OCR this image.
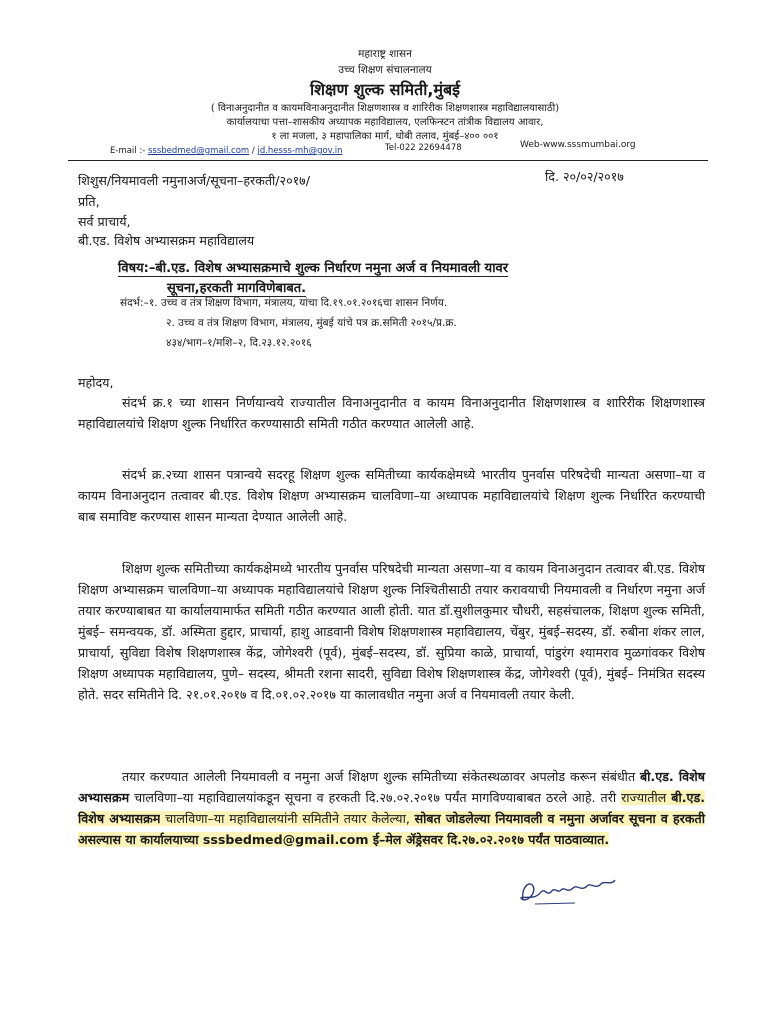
महाराष्ट्र शासन
उच्च शिक्षण संचालनालय
शिक्षण शुल्क समिती,मुंबई
( विनाअनुदानीत व कायमविनाअनुदानीत शिक्षणशास्त्र व शारिरीक शिक्षणशास्त्र महाविद्यालयासाठी)
कार्यालयाचा पत्ता–शासकीय अध्यापक महाविद्यालय, एलफिन्स्टन तांत्रीक विद्यालय आवार,
१ ला मजला, ३ महापालिका मार्ग, धोबी तलाव, मुंबई–४०० ००१
E-mail :- sssbedmed@gmail.com / jd.hesss-mh@gov.in	Tel-022 22694478	Web-www.sssmumbai.org
शिशुस/नियमावली नमुनाअर्ज/सूचना–हरकती/२०१७/	दि. २०/०२/२०१७
प्रति,
सर्व प्राचार्य,
बी.एड. विशेष अभ्यासक्रम महाविद्यालय
विषय:–बी.एड. विशेष अभ्यासक्रमाचे शुल्क निर्धारण नमुना अर्ज व नियमावली यावर
सूचना,हरकती मागविणेबाबत.
संदर्भ:–१. उच्च व तंत्र शिक्षण विभाग, मंत्रालय, यांचा दि.१९.०१.२०१६चा शासन निर्णय.
२. उच्च व तंत्र शिक्षण विभाग, मंत्रालय, मुंबई यांचे पत्र क्र.समिती २०१५/प्र.क्र.
४३४/भाग–१/मशि–२, दि.२३.१२.२०१६
महोदय,

संदर्भ क्र.१ च्या शासन निर्णयान्वये राज्यातील विनाअनुदानीत व कायम विनाअनुदानीत शिक्षणशास्त्र व शारिरीक शिक्षणशास्त्र महाविद्यालयांचे शिक्षण शुल्क निर्धारित करण्यासाठी समिती गठीत करण्यात आलेली आहे.

संदर्भ क्र.२च्या शासन पत्रान्वये सदरहू शिक्षण शुल्क समितीच्या कार्यकक्षेमध्ये भारतीय पुनर्वास परिषदेची मान्यता असणा–या व कायम विनाअनुदान तत्वावर बी.एड. विशेष शिक्षण अभ्यासक्रम चालविणा–या अध्यापक महाविद्यालयांचे शिक्षण शुल्क निर्धारित करण्याची बाब समाविष्ट करण्यास शासन मान्यता देण्यात आलेली आहे.

शिक्षण शुल्क समितीच्या कार्यकक्षेमध्ये भारतीय पुनर्वास परिषदेची मान्यता असणा–या व कायम विनाअनुदान तत्वावर बी.एड. विशेष शिक्षण अभ्यासक्रम चालविणा–या अध्यापक महाविद्यालयांचे शिक्षण शुल्क निश्चितीसाठी तयार करावयाची नियमावली व निर्धारण नमुना अर्ज तयार करण्याबाबत या कार्यालयामार्फत समिती गठीत करण्यात आली होती. यात डॉ.सुशीलकुमार चौधरी, सहसंचालक, शिक्षण शुल्क समिती, मुंबई– समन्वयक, डॉ. अस्मिता हुद्दार, प्राचार्या, हाशु आडवानी विशेष शिक्षणशास्त्र महाविद्यालय, चेंबुर, मुंबई–सदस्य, डॉ. रुबीना शंकर लाल, प्राचार्या, सुविद्या विशेष शिक्षणशास्त्र केंद्र, जोगेश्वरी (पूर्व), मुंबई–सदस्य, डॉ. सुप्रिया काळे, प्राचार्या, पांडुरंग श्यामराव मुळगांवकर विशेष शिक्षण अध्यापक महाविद्यालय, पुणे– सदस्य, श्रीमती रशना सादरी, सुविद्या विशेष शिक्षणशास्त्र केंद्र, जोगेश्वरी (पूर्व), मुंबई– निमंत्रित सदस्य होते. सदर समितीने दि. २१.०१.२०१७ व दि.०१.०२.२०१७ या कालावधीत नमुना अर्ज व नियमावली तयार केली.

तयार करण्यात आलेली नियमावली व नमुना अर्ज शिक्षण शुल्क समितीच्या संकेतस्थळावर अपलोड करून संबंधीत बी.एड. विशेष अभ्यासक्रम चालविणा–या महाविद्यालयांकडून सूचना व हरकती दि.२७.०२.२०१७ पर्यंत मागविण्याबाबत ठरले आहे. तरी राज्यातील बी.एड. विशेष अभ्यासक्रम चालविणा–या महाविद्यालयांनी समितीने तयार केलेल्या, सोबत जोडलेल्या नियमावली व नमुना अर्जावर सूचना व हरकती असल्यास या कार्यालयाच्या sssbedmed@gmail.com ई–मेल ॲड्रेसवर दि.२७.०२.२०१७ पर्यंत पाठवाव्यात.
